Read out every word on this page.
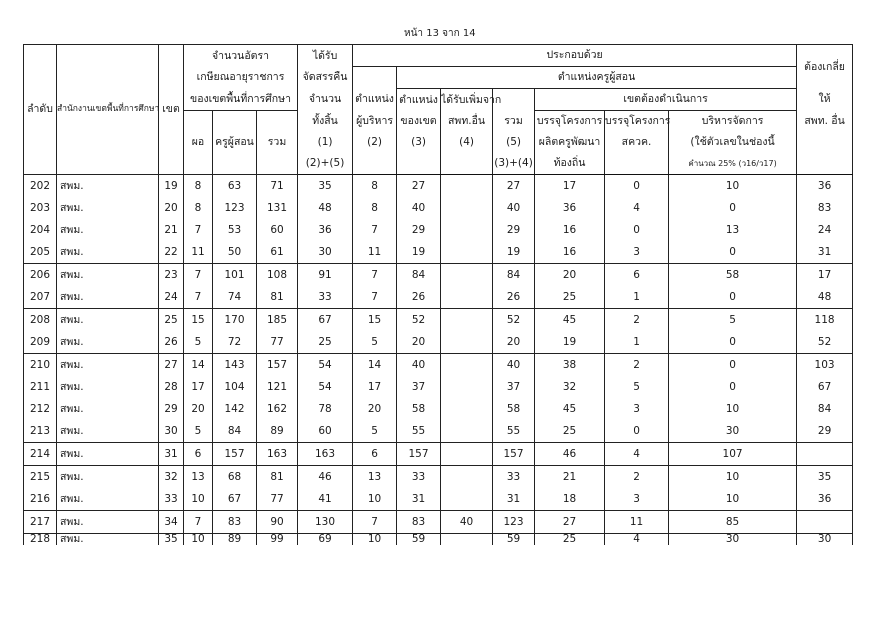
หน้า 13 จาก 14
ลำดับ	สำนักงานเขตพื้นที่การศึกษา	เขต	จำนวนอัตรา			ได้รับ	ประกอบด้วย							ต้องเกลี่ย
			เกษียณอายุราชการ			จัดสรรคืน		ตำแหน่งครูผู้สอน						
			ของเขตพื้นที่การศึกษา			จำนวน	ตำแหน่ง	ตำแหน่ง	ได้รับเพิ่มจาก		เขตต้องดำเนินการ			ให้
			ผอ	ครูผู้สอน	รวม	ทั้งสิ้น	ผู้บริหาร	ของเขต	สพท.อื่น	รวม	บรรจุโครงการ	บรรจุโครงการ	บริหารจัดการ	สพท. อื่น
						(1)	(2)	(3)	(4)	(5)	ผลิตครูพัฒนา	สควค.	(ใช้ตัวเลขในช่องนี้	
						(2)+(5)				(3)+(4)	ท้องถิ่น		คำนวณ 25% (ว16/ว17)	
202	สพม.	19	8	63	71	35	8	27		27	17	0	10	36
203	สพม.	20	8	123	131	48	8	40		40	36	4	0	83
204	สพม.	21	7	53	60	36	7	29		29	16	0	13	24
205	สพม.	22	11	50	61	30	11	19		19	16	3	0	31
206	สพม.	23	7	101	108	91	7	84		84	20	6	58	17
207	สพม.	24	7	74	81	33	7	26		26	25	1	0	48
208	สพม.	25	15	170	185	67	15	52		52	45	2	5	118
209	สพม.	26	5	72	77	25	5	20		20	19	1	0	52
210	สพม.	27	14	143	157	54	14	40		40	38	2	0	103
211	สพม.	28	17	104	121	54	17	37		37	32	5	0	67
212	สพม.	29	20	142	162	78	20	58		58	45	3	10	84
213	สพม.	30	5	84	89	60	5	55		55	25	0	30	29
214	สพม.	31	6	157	163	163	6	157		157	46	4	107	
215	สพม.	32	13	68	81	46	13	33		33	21	2	10	35
216	สพม.	33	10	67	77	41	10	31		31	18	3	10	36
217	สพม.	34	7	83	90	130	7	83	40	123	27	11	85	
218	สพม.	35	10	89	99	69	10	59		59	25	4	30	30
